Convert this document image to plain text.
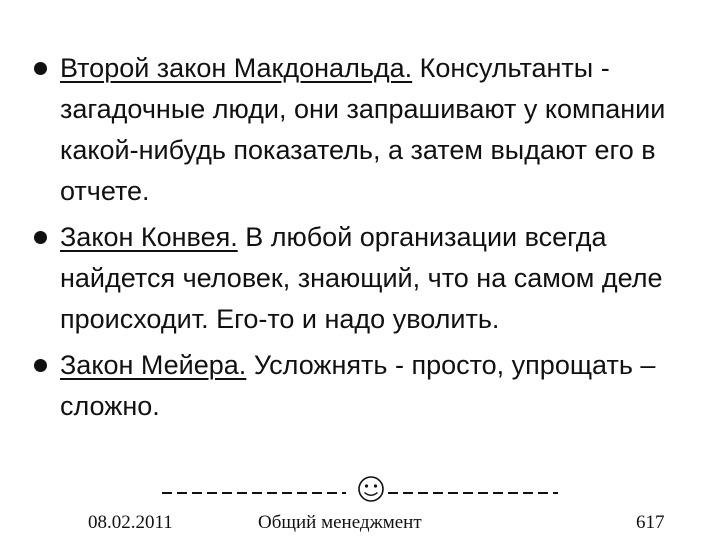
Второй закон Макдональда. Консультанты - загадочные люди, они запрашивают у компании какой-нибудь показатель, а затем выдают его в отчете.
Закон Конвея. В любой организации всегда найдется человек, знающий, что на самом деле происходит. Его-то и надо уволить.
Закон Мейера. Усложнять - просто, упрощать – сложно.
08.02.2011	Общий менеджмент	617
